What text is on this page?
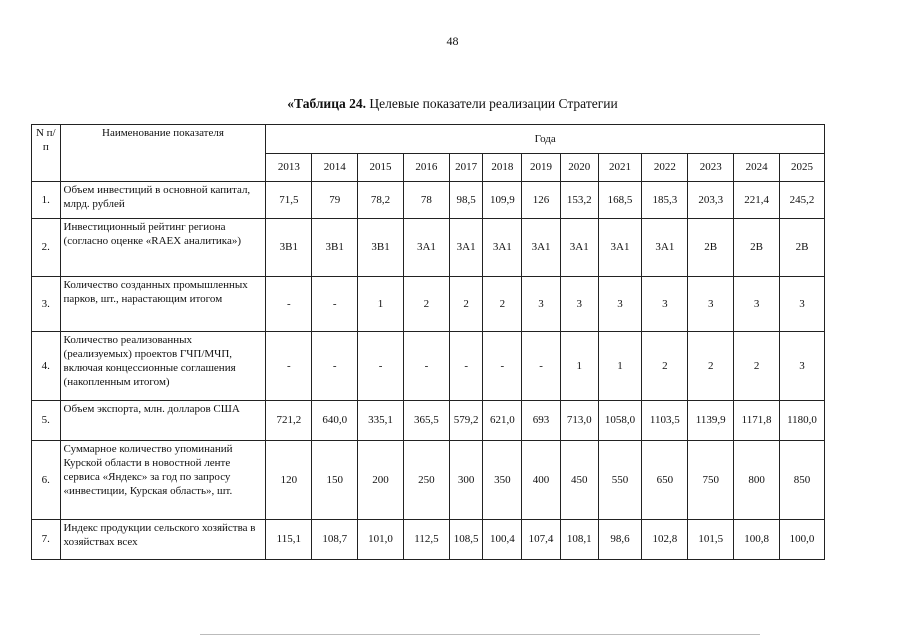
48
«Таблица 24. Целевые показатели реализации Стратегии
N п/п	Наименование показателя	Года												
		2013	2014	2015	2016	2017	2018	2019	2020	2021	2022	2023	2024	2025
1.	Объем инвестиций в основной капитал, млрд. рублей	71,5	79	78,2	78	98,5	109,9	126	153,2	168,5	185,3	203,3	221,4	245,2
2.	Инвестиционный рейтинг региона (согласно оценке «RAEX аналитика»)	3B1	3B1	3B1	3A1	3A1	3A1	3A1	3A1	3A1	3A1	2B	2B	2B
3.	Количество созданных промышленных парков, шт., нарастающим итогом	-	-	1	2	2	2	3	3	3	3	3	3	3
4.	Количество реализованных (реализуемых) проектов ГЧП/МЧП, включая концессионные соглашения (накопленным итогом)	-	-	-	-	-	-	-	1	1	2	2	2	3
5.	Объем экспорта, млн. долларов США	721,2	640,0	335,1	365,5	579,2	621,0	693	713,0	1058,0	1103,5	1139,9	1171,8	1180,0
6.	Суммарное количество упоминаний Курской области в новостной ленте сервиса «Яндекс» за год по запросу «инвестиции, Курская область», шт.	120	150	200	250	300	350	400	450	550	650	750	800	850
7.	Индекс продукции сельского хозяйства в хозяйствах всех	115,1	108,7	101,0	112,5	108,5	100,4	107,4	108,1	98,6	102,8	101,5	100,8	100,0
